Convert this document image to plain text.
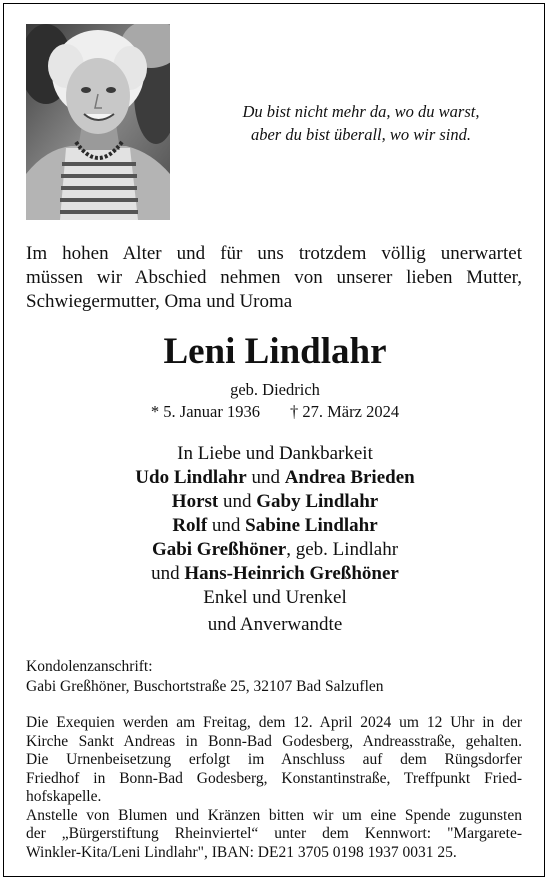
Du bist nicht mehr da, wo du warst,
aber du bist überall, wo wir sind.
Im hohen Alter und für uns trotzdem völlig unerwartet
müssen wir Abschied nehmen von unserer lieben Mutter,
Schwiegermutter, Oma und Uroma
Leni Lindlahr
geb. Diedrich
* 5. Januar 1936 † 27. März 2024
In Liebe und Dankbarkeit
Udo Lindlahr und Andrea Brieden
Horst und Gaby Lindlahr
Rolf und Sabine Lindlahr
Gabi Greßhöner, geb. Lindlahr
und Hans-Heinrich Greßhöner
Enkel und Urenkel
und Anverwandte
Kondolenzanschrift:
Gabi Greßhöner, Buschortstraße 25, 32107 Bad Salzuflen
Die Exequien werden am Freitag, dem 12. April 2024 um 12 Uhr in der
Kirche Sankt Andreas in Bonn-Bad Godesberg, Andreasstraße, gehalten.
Die Urnenbeisetzung erfolgt im Anschluss auf dem Rüngsdorfer
Friedhof in Bonn-Bad Godesberg, Konstantinstraße, Treffpunkt Fried-
hofskapelle.
Anstelle von Blumen und Kränzen bitten wir um eine Spende zugunsten
der „Bürgerstiftung Rheinviertel“ unter dem Kennwort: "Margarete-
Winkler-Kita/Leni Lindlahr", IBAN: DE21 3705 0198 1937 0031 25.
